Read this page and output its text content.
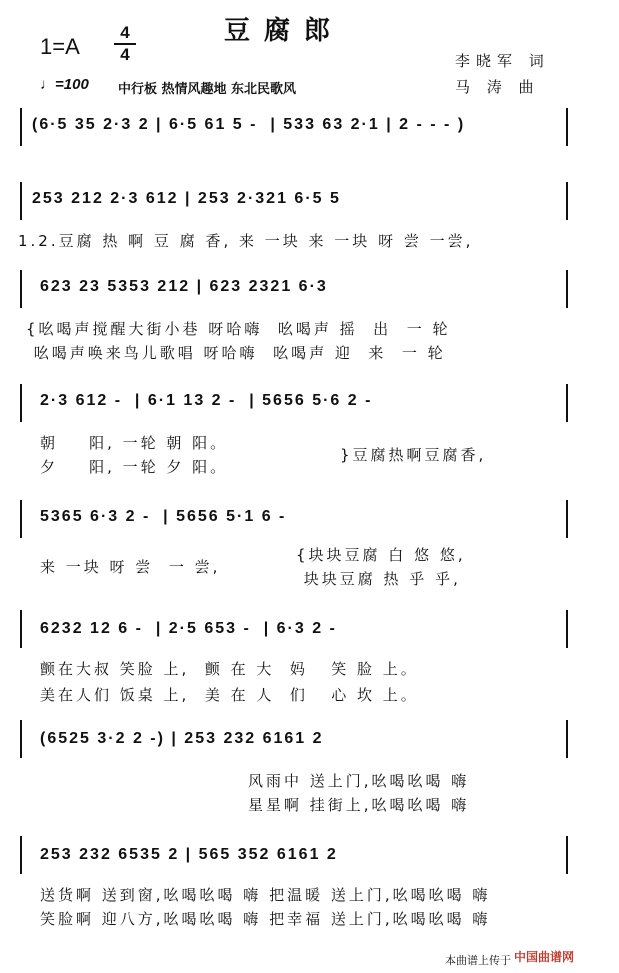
豆腐郎
1=A
4
4	李晓军 词
马 涛 曲
♩=100 中行板 热情风趣地 东北民歌风
(6·5 35 2·3 2 | 6·5 61 5 -  | 533 63 2·1 | 2 - - - )
253 212 2·3 612 | 253 2·321 6·5 5
1.2.豆腐 热 啊 豆 腐 香, 来 一块 来 一块 呀 尝 一尝,
623 23 5353 212 | 623 2321 6·3
{吆喝声搅醒大街小巷 呀哈嗨  吆喝声 摇  出  一 轮
吆喝声唤来鸟儿歌唱 呀哈嗨  吆喝声 迎  来  一 轮
2·3 612 -  | 6·1 13 2 -  | 5656 5·6 2 -
朝    阳, 一轮 朝 阳。
夕    阳, 一轮 夕 阳。
}豆腐热啊豆腐香,
5365 6·3 2 -  | 5656 5·1 6 -
来 一块 呀 尝  一 尝,
{块块豆腐 白 悠 悠,
块块豆腐 热 乎 乎,
6232 12 6 -  | 2·5 653 -  | 6·3 2 -
颤在大叔 笑脸 上,  颤 在 大  妈   笑 脸 上。
美在人们 饭桌 上,  美 在 人  们   心 坎 上。
(6525 3·2 2 -) | 253 232 6161 2
风雨中 送上门,吆喝吆喝 嗨
星星啊 挂街上,吆喝吆喝 嗨
253 232 6535 2 | 565 352 6161 2
送货啊 送到窗,吆喝吆喝 嗨 把温暖 送上门,吆喝吆喝 嗨
笑脸啊 迎八方,吆喝吆喝 嗨 把幸福 送上门,吆喝吆喝 嗨
本曲谱上传于 中国曲谱网
